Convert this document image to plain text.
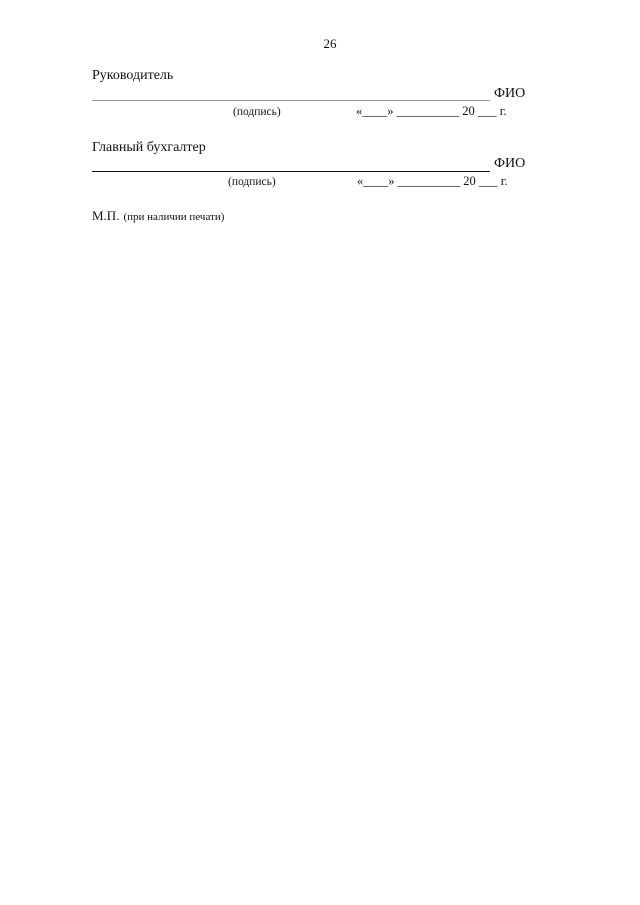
26
Руководитель
ФИО
(подпись)	«____» __________ 20 ___ г.
Главный бухгалтер
ФИО
(подпись)	«____» __________ 20 ___ г.
М.П. (при наличии печати)
